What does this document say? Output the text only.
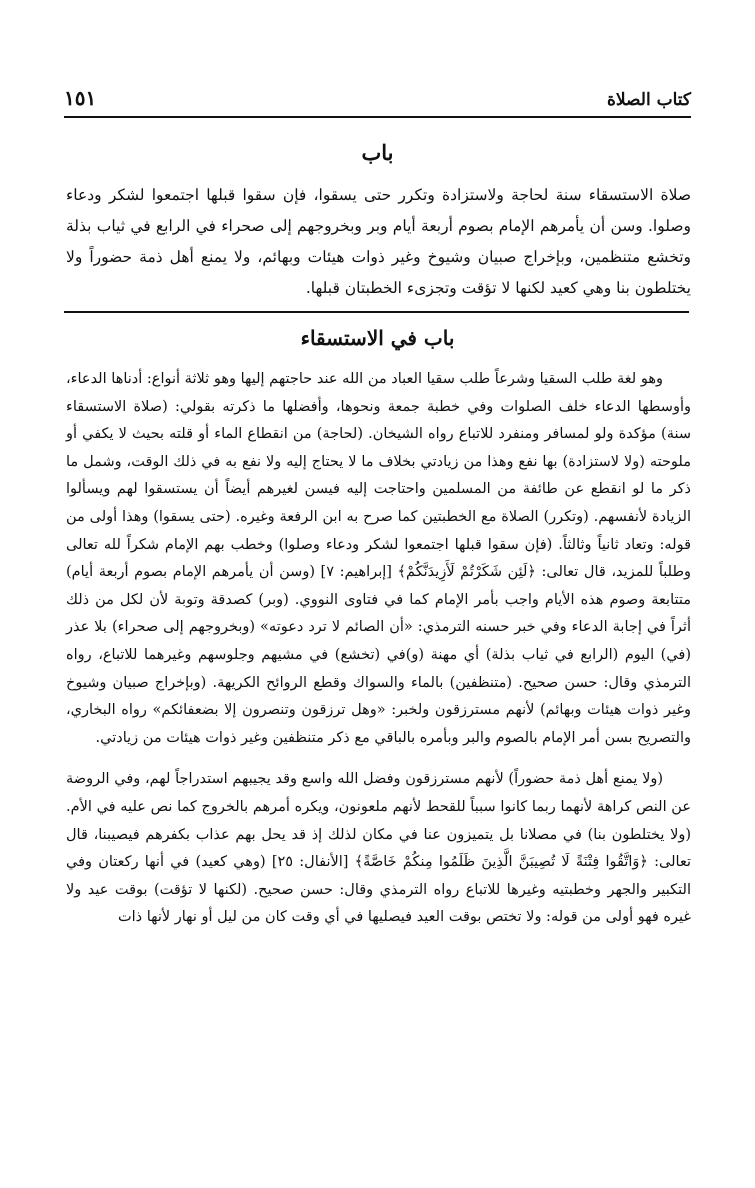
كتاب الصلاة
١٥١
باب
صلاة الاستسقاء سنة لحاجة ولاستزادة وتكرر حتى يسقوا، فإن سقوا قبلها اجتمعوا لشكر ودعاء وصلوا. وسن أن يأمرهم الإمام بصوم أربعة أيام وبر وبخروجهم إلى صحراء في الرابع في ثياب بذلة وتخشع متنظمين، وبإخراج صبيان وشيوخ وغير ذوات هيئات وبهائم، ولا يمنع أهل ذمة حضوراً ولا يختلطون بنا وهي كعيد لكنها لا تؤقت وتجزىء الخطبتان قبلها.
باب في الاستسقاء

وهو لغة طلب السقيا وشرعاً طلب سقيا العباد من الله عند حاجتهم إليها وهو ثلاثة أنواع: أدناها الدعاء، وأوسطها الدعاء خلف الصلوات وفي خطبة جمعة ونحوها، وأفضلها ما ذكرته بقولي: (صلاة الاستسقاء سنة) مؤكدة ولو لمسافر ومنفرد للاتباع رواه الشيخان. (لحاجة) من انقطاع الماء أو قلته بحيث لا يكفي أو ملوحته (ولا لاستزادة) بها نفع وهذا من زيادتي بخلاف ما لا يحتاج إليه ولا نفع به في ذلك الوقت، وشمل ما ذكر ما لو انقطع عن طائفة من المسلمين واحتاجت إليه فيسن لغيرهم أيضاً أن يستسقوا لهم ويسألوا الزيادة لأنفسهم. (وتكرر) الصلاة مع الخطبتين كما صرح به ابن الرفعة وغيره. (حتى يسقوا) وهذا أولى من قوله: وتعاد ثانياً وثالثاً. (فإن سقوا قبلها اجتمعوا لشكر ودعاء وصلوا) وخطب بهم الإمام شكراً لله تعالى وطلباً للمزيد، قال تعالى: ﴿لَئِن شَكَرْتُمْ لَأَزِيدَنَّكُمْ﴾ [إبراهيم: ٧] (وسن أن يأمرهم الإمام بصوم أربعة أيام) متتابعة وصوم هذه الأيام واجب بأمر الإمام كما في فتاوى النووي. (وبر) كصدقة وتوبة لأن لكل من ذلك أثراً في إجابة الدعاء وفي خبر حسنه الترمذي: «أن الصائم لا ترد دعوته» (وبخروجهم إلى صحراء) بلا عذر (في) اليوم (الرابع في ثياب بذلة) أي مهنة (و)في (تخشع) في مشيهم وجلوسهم وغيرهما للاتباع، رواه الترمذي وقال: حسن صحيح. (متنظفين) بالماء والسواك وقطع الروائح الكريهة. (وبإخراج صبيان وشيوخ وغير ذوات هيئات وبهائم) لأنهم مسترزقون ولخبر: «وهل ترزقون وتنصرون إلا بضعفائكم» رواه البخاري، والتصريح بسن أمر الإمام بالصوم والبر وبأمره بالباقي مع ذكر متنظفين وغير ذوات هيئات من زيادتي.

(ولا يمنع أهل ذمة حضوراً) لأنهم مسترزقون وفضل الله واسع وقد يجيبهم استدراجاً لهم، وفي الروضة عن النص كراهة لأنهما ربما كانوا سبباً للقحط لأنهم ملعونون، ويكره أمرهم بالخروج كما نص عليه في الأم. (ولا يختلطون بنا) في مصلانا بل يتميزون عنا في مكان لذلك إذ قد يحل بهم عذاب بكفرهم فيصيبنا، قال تعالى: ﴿وَاتَّقُوا فِتْنَةً لَا تُصِيبَنَّ الَّذِينَ ظَلَمُوا مِنكُمْ خَاصَّةً﴾ [الأنفال: ٢٥] (وهي كعيد) في أنها ركعتان وفي التكبير والجهر وخطبتيه وغيرها للاتباع رواه الترمذي وقال: حسن صحيح. (لكنها لا تؤقت) بوقت عيد ولا غيره فهو أولى من قوله: ولا تختص بوقت العيد فيصليها في أي وقت كان من ليل أو نهار لأنها ذات
